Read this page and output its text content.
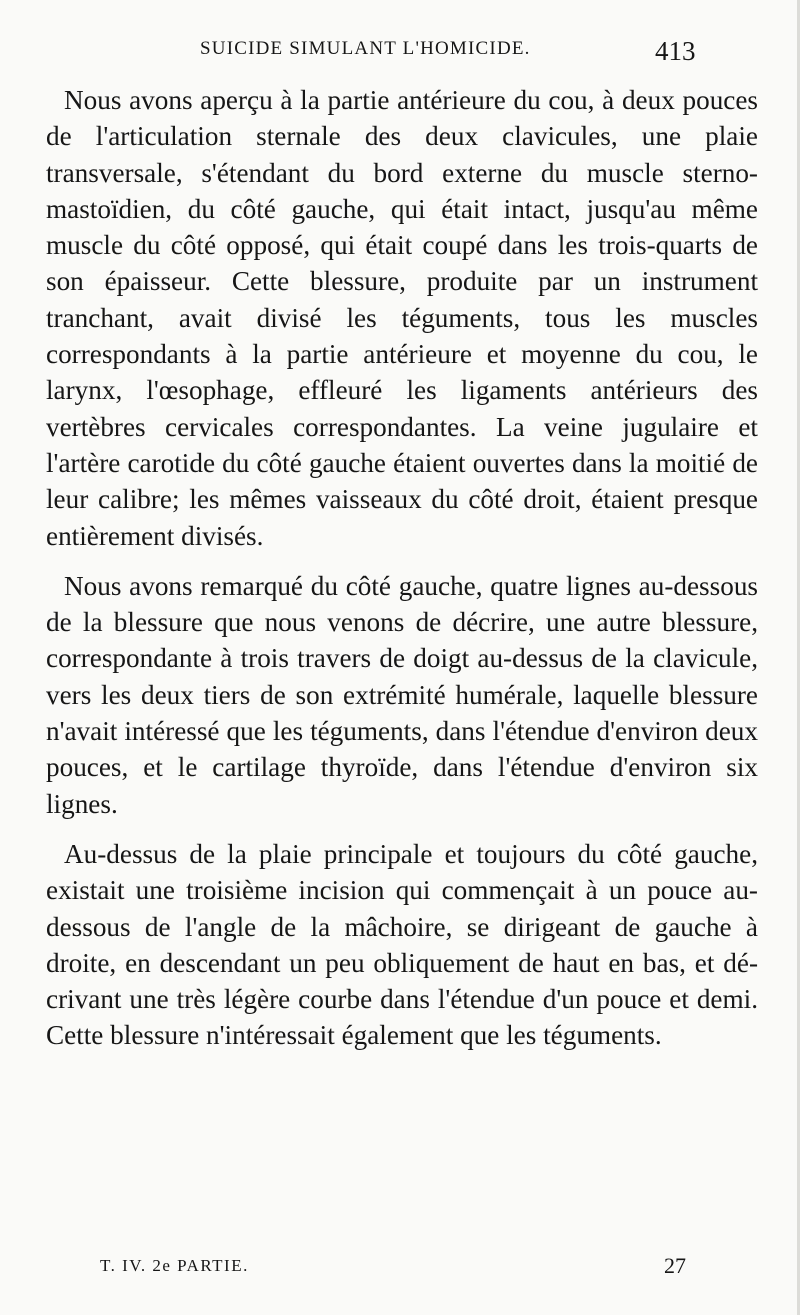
SUICIDE SIMULANT L'HOMICIDE.	413

Nous avons aperçu à la partie antérieure du cou, à deux pouces de l'articulation sternale des deux clavicules, une plaie transversale, s'étendant du bord externe du muscle sterno-mastoïdien, du côté gauche, qui était intact, jusqu'au même muscle du côté opposé, qui était coupé dans les trois-quarts de son épaisseur. Cette blessure, produite par un instrument tranchant, avait divisé les téguments, tous les muscles correspondants à la partie antérieure et moyenne du cou, le larynx, l'œsophage, effleuré les ligaments antérieurs des vertèbres cervicales correspondantes. La veine jugulaire et l'artère carotide du côté gauche étaient ouvertes dans la moitié de leur calibre; les mêmes vaisseaux du côté droit, étaient presque entièrement divisés.

Nous avons remarqué du côté gauche, quatre lignes au-dessous de la blessure que nous venons de décrire, une autre blessure, correspondante à trois travers de doigt au-dessus de la clavicule, vers les deux tiers de son extrémité humérale, laquelle blessure n'avait intéressé que les téguments, dans l'étendue d'environ deux pouces, et le cartilage thyroïde, dans l'étendue d'environ six lignes.

Au-dessus de la plaie principale et toujours du côté gauche, existait une troisième incision qui commençait à un pouce au-dessous de l'angle de la mâchoire, se dirigeant de gauche à droite, en descendant un peu obliquement de haut en bas, et décrivant une très légère courbe dans l'étendue d'un pouce et demi. Cette blessure n'intéressait également que les téguments.

T. IV. 2e PARTIE.	27
